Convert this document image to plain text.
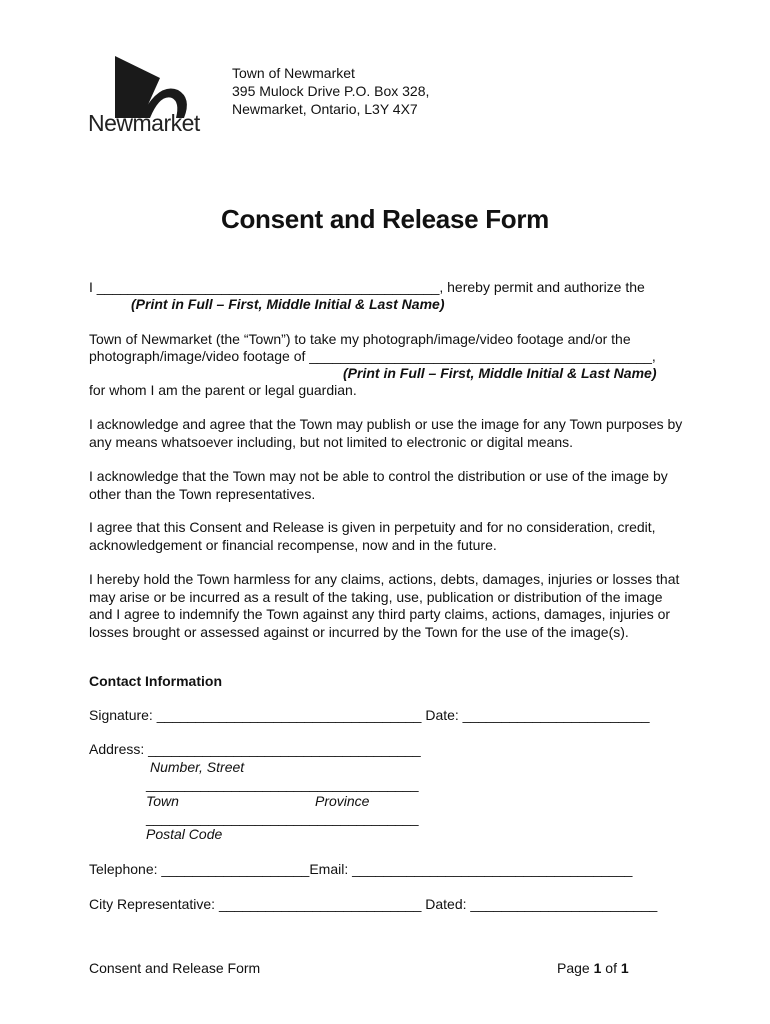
Newmarket
Town of Newmarket
395 Mulock Drive P.O. Box 328,
Newmarket, Ontario, L3Y 4X7
Consent and Release Form
I ____________________________________________, hereby permit and authorize the
(Print in Full – First, Middle Initial & Last Name)
Town of Newmarket (the “Town”) to take my photograph/image/video footage and/or the
photograph/image/video footage of ____________________________________________,
(Print in Full – First, Middle Initial & Last Name)
for whom I am the parent or legal guardian.
I acknowledge and agree that the Town may publish or use the image for any Town purposes by any means whatsoever including, but not limited to electronic or digital means.
I acknowledge that the Town may not be able to control the distribution or use of the image by other than the Town representatives.
I agree that this Consent and Release is given in perpetuity and for no consideration, credit, acknowledgement or financial recompense, now and in the future.
I hereby hold the Town harmless for any claims, actions, debts, damages, injuries or losses that may arise or be incurred as a result of the taking, use, publication or distribution of the image and I agree to indemnify the Town against any third party claims, actions, damages, injuries or losses brought or assessed against or incurred by the Town for the use of the image(s).
Contact Information
Signature: __________________________________ Date: ________________________
Address: ___________________________________
Number, Street
___________________________________
Town	Province
___________________________________
Postal Code
Telephone: ___________________Email: ____________________________________
City Representative: __________________________ Dated: ________________________
Consent and Release Form	Page 1 of 1
